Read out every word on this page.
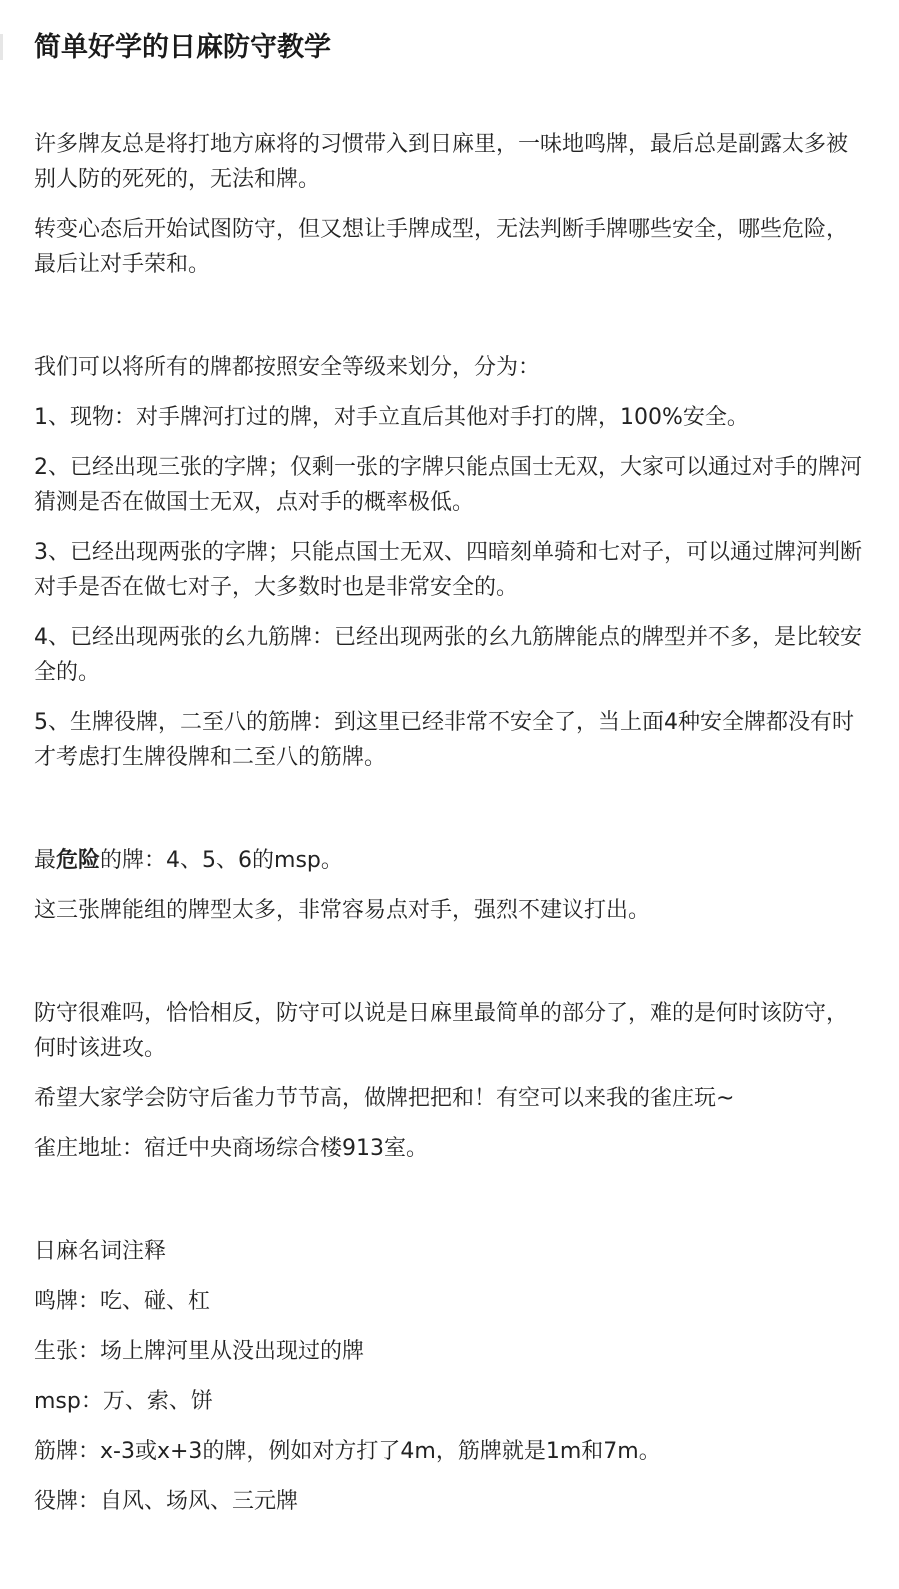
简单好学的日麻防守教学

许多牌友总是将打地方麻将的习惯带入到日麻里，一味地鸣牌，最后总是副露太多被别人防的死死的，无法和牌。

转变心态后开始试图防守，但又想让手牌成型，无法判断手牌哪些安全，哪些危险，最后让对手荣和。

我们可以将所有的牌都按照安全等级来划分，分为：

1、现物：对手牌河打过的牌，对手立直后其他对手打的牌，100%安全。

2、已经出现三张的字牌；仅剩一张的字牌只能点国士无双，大家可以通过对手的牌河猜测是否在做国士无双，点对手的概率极低。

3、已经出现两张的字牌；只能点国士无双、四暗刻单骑和七对子，可以通过牌河判断对手是否在做七对子，大多数时也是非常安全的。

4、已经出现两张的幺九筋牌：已经出现两张的幺九筋牌能点的牌型并不多，是比较安全的。

5、生牌役牌，二至八的筋牌：到这里已经非常不安全了，当上面4种安全牌都没有时才考虑打生牌役牌和二至八的筋牌。

最危险的牌：4、5、6的msp。

这三张牌能组的牌型太多，非常容易点对手，强烈不建议打出。

防守很难吗，恰恰相反，防守可以说是日麻里最简单的部分了，难的是何时该防守，何时该进攻。

希望大家学会防守后雀力节节高，做牌把把和！有空可以来我的雀庄玩~

雀庄地址：宿迁中央商场综合楼913室。

日麻名词注释

鸣牌：吃、碰、杠

生张：场上牌河里从没出现过的牌

msp：万、索、饼

筋牌：x-3或x+3的牌，例如对方打了4m，筋牌就是1m和7m。

役牌：自风、场风、三元牌
